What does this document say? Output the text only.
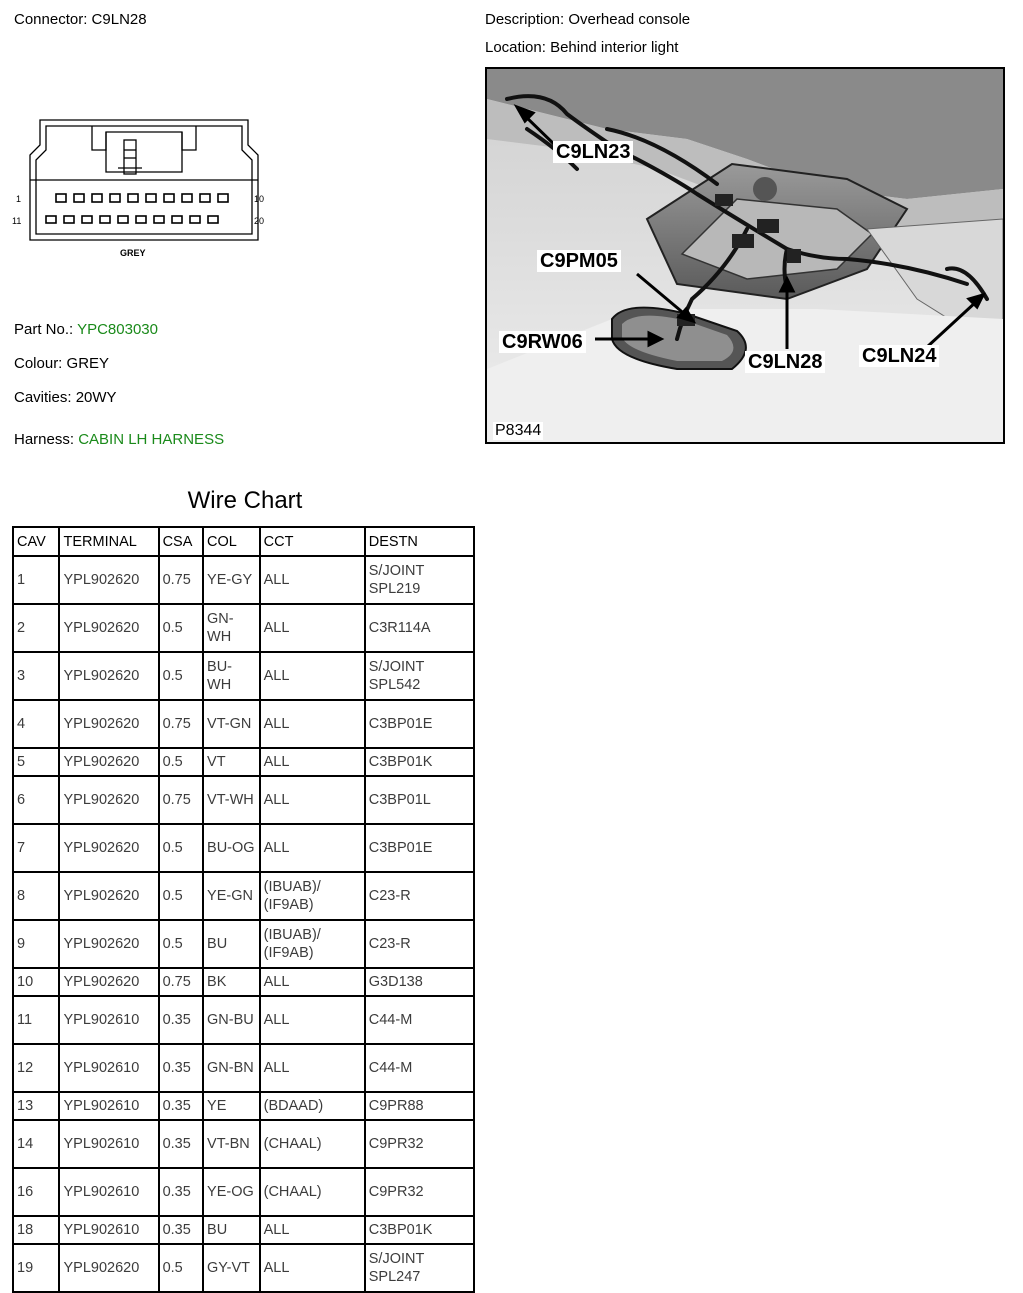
Connector: C9LN28	Description: Overhead console
Location: Behind interior light
1	10
11	20
GREY
Part No.: YPC803030
Colour: GREY
Cavities: 20WY
Harness: CABIN LH HARNESS
C9LN23
C9PM05
C9RW06
C9LN28 C9LN24
P8344
Wire Chart
CAV	TERMINAL	CSA	COL	CCT	DESTN
1	YPL902620	0.75	YE-GY	ALL	S/JOINT SPL219
2	YPL902620	0.5	GN-WH	ALL	C3R114A
3	YPL902620	0.5	BU-WH	ALL	S/JOINT SPL542
4	YPL902620	0.75	VT-GN	ALL	C3BP01E
5	YPL902620	0.5	VT	ALL	C3BP01K
6	YPL902620	0.75	VT-WH	ALL	C3BP01L
7	YPL902620	0.5	BU-OG	ALL	C3BP01E
8	YPL902620	0.5	YE-GN	(IBUAB)/ (IF9AB)	C23-R
9	YPL902620	0.5	BU	(IBUAB)/ (IF9AB)	C23-R
10	YPL902620	0.75	BK	ALL	G3D138
11	YPL902610	0.35	GN-BU	ALL	C44-M
12	YPL902610	0.35	GN-BN	ALL	C44-M
13	YPL902610	0.35	YE	(BDAAD)	C9PR88
14	YPL902610	0.35	VT-BN	(CHAAL)	C9PR32
16	YPL902610	0.35	YE-OG	(CHAAL)	C9PR32
18	YPL902610	0.35	BU	ALL	C3BP01K
19	YPL902620	0.5	GY-VT	ALL	S/JOINT SPL247
